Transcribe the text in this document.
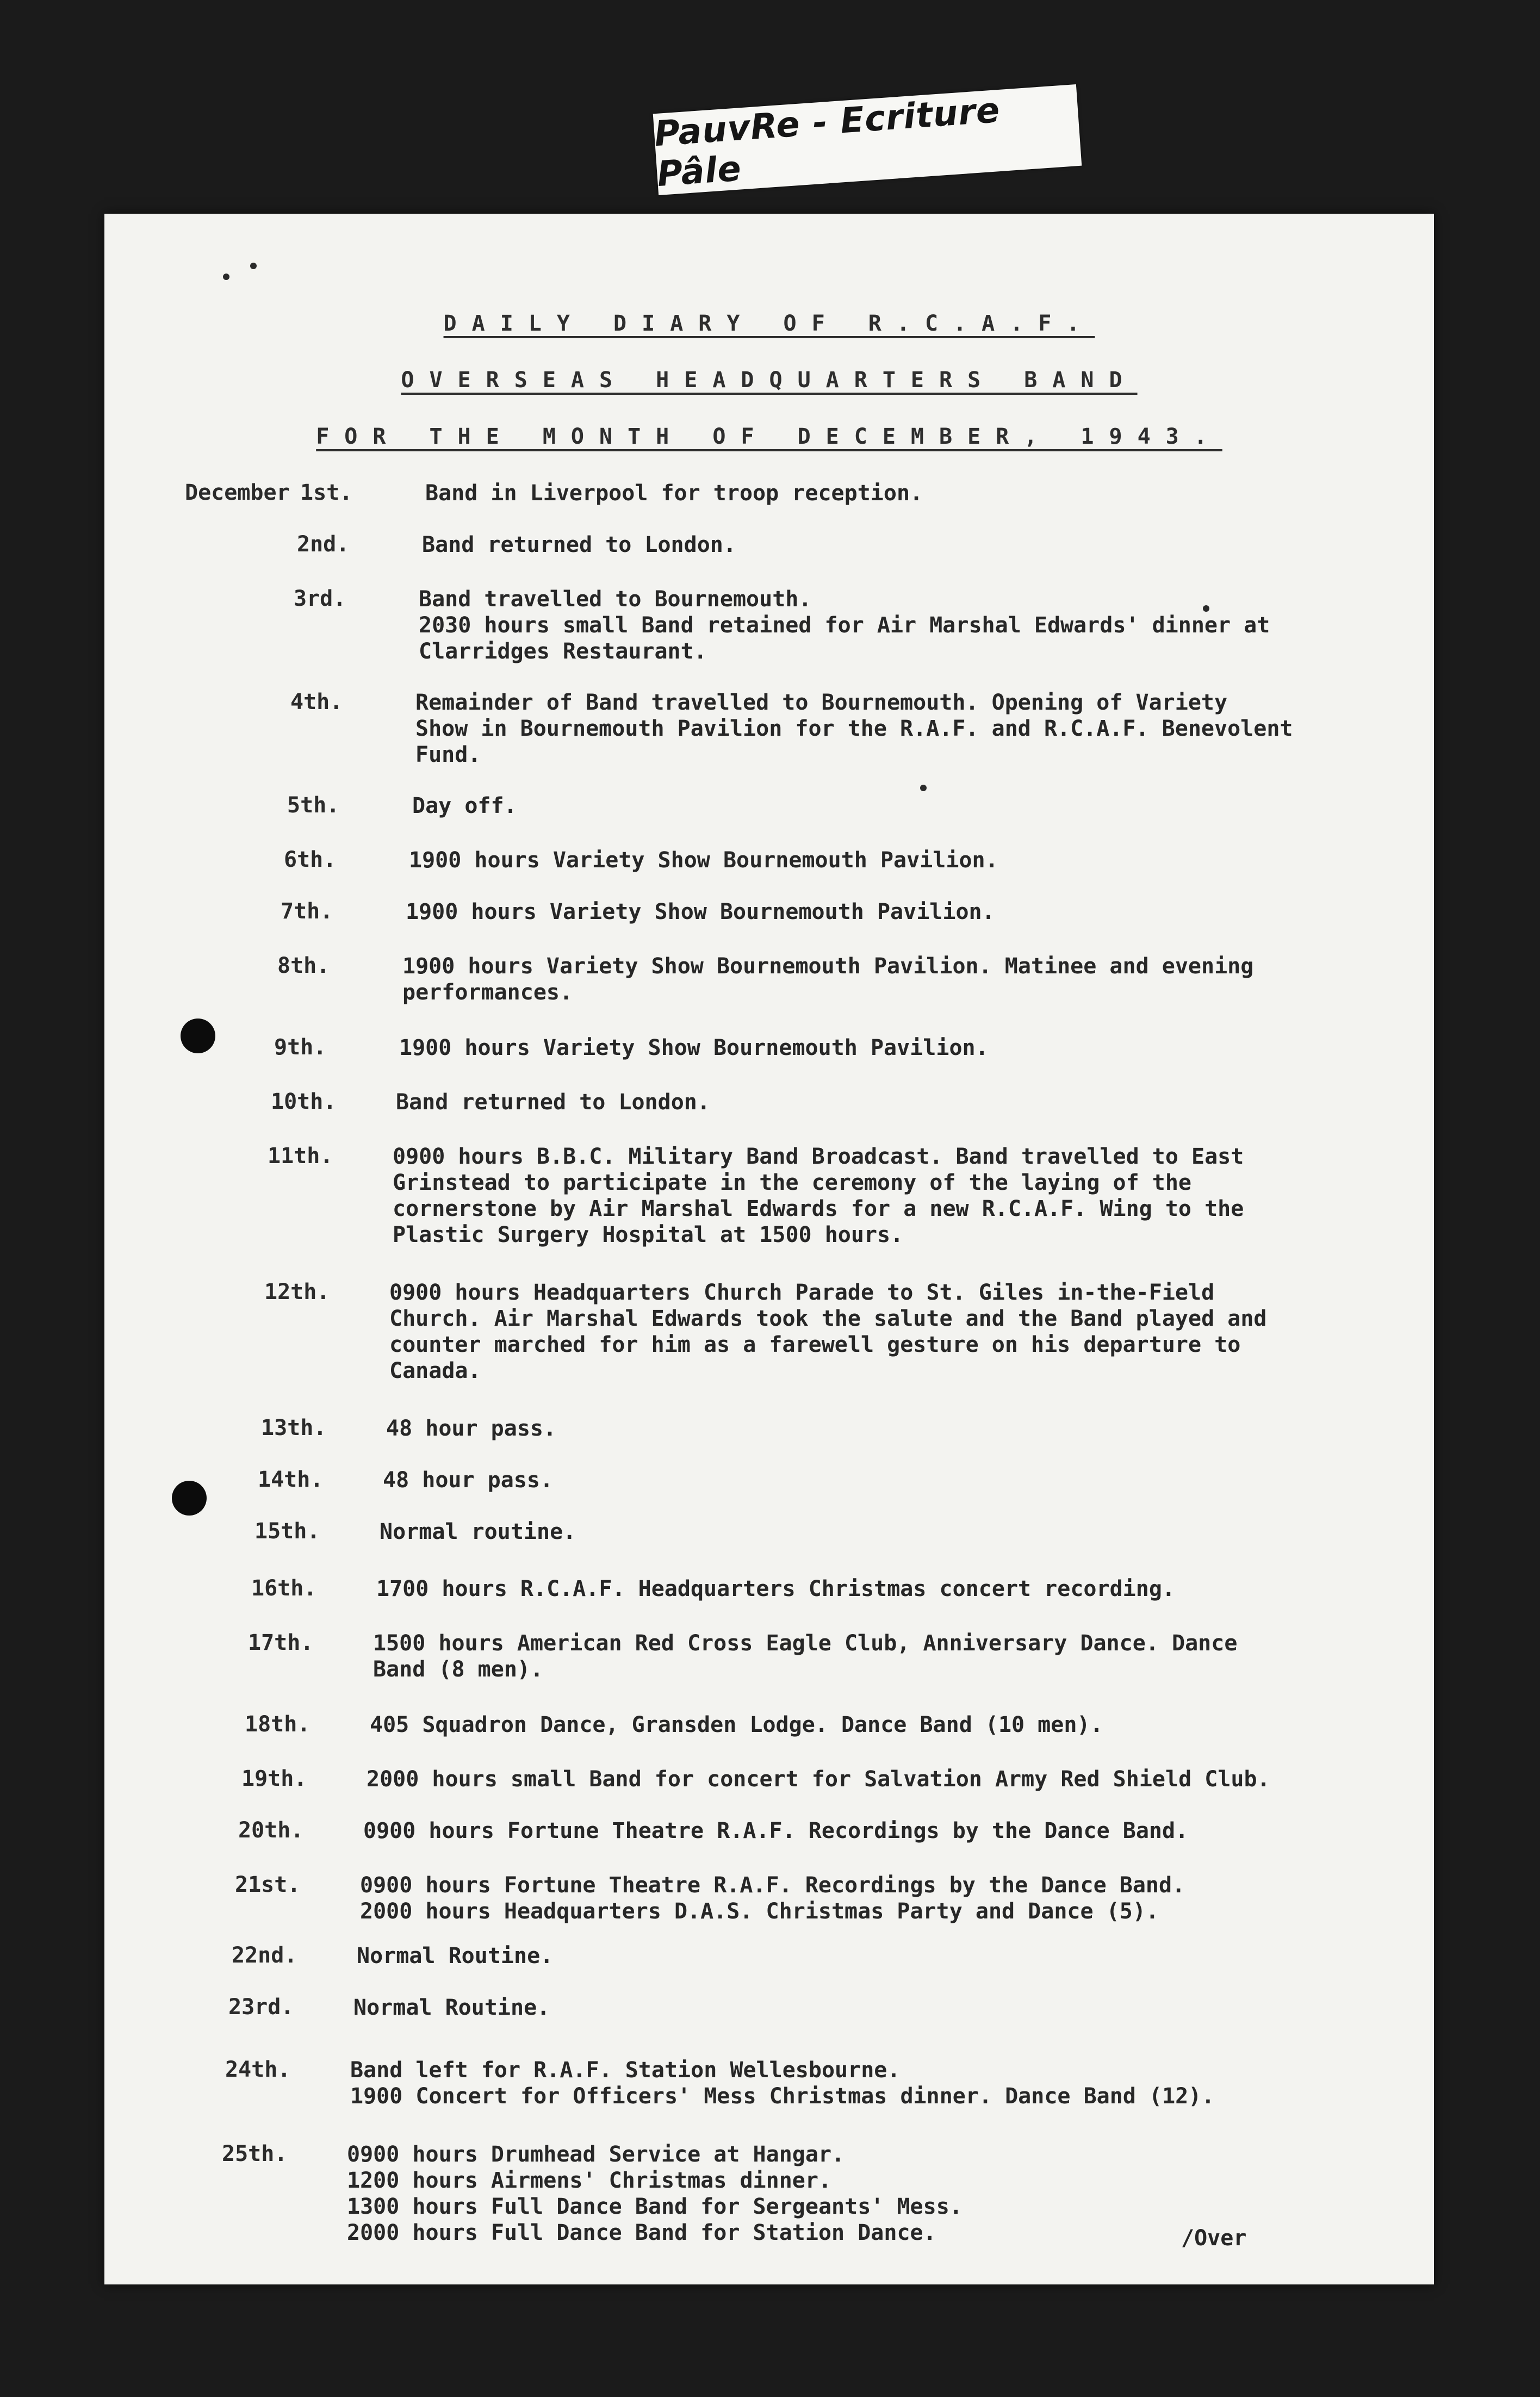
PauvRe - Ecriture Pâle
DAILY DIARY OF R.C.A.F.
OVERSEAS HEADQUARTERS BAND
FOR THE MONTH OF DECEMBER, 1943.
December 1st.	Band in Liverpool for troop reception.
2nd.	Band returned to London.
3rd.	Band travelled to Bournemouth.
2030 hours small Band retained for Air Marshal Edwards' dinner at
Clarridges Restaurant.
4th.	Remainder of Band travelled to Bournemouth. Opening of Variety
Show in Bournemouth Pavilion for the R.A.F. and R.C.A.F. Benevolent
Fund.
5th.	Day off.
6th.	1900 hours Variety Show Bournemouth Pavilion.
7th.	1900 hours Variety Show Bournemouth Pavilion.
8th.	1900 hours Variety Show Bournemouth Pavilion. Matinee and evening
performances.
9th.	1900 hours Variety Show Bournemouth Pavilion.
10th.	Band returned to London.
11th.	0900 hours B.B.C. Military Band Broadcast. Band travelled to East
Grinstead to participate in the ceremony of the laying of the
cornerstone by Air Marshal Edwards for a new R.C.A.F. Wing to the
Plastic Surgery Hospital at 1500 hours.
12th.	0900 hours Headquarters Church Parade to St. Giles in-the-Field
Church. Air Marshal Edwards took the salute and the Band played and
counter marched for him as a farewell gesture on his departure to
Canada.
13th.	48 hour pass.
14th.	48 hour pass.
15th.	Normal routine.
16th.	1700 hours R.C.A.F. Headquarters Christmas concert recording.
17th.	1500 hours American Red Cross Eagle Club, Anniversary Dance. Dance
Band (8 men).
18th.	405 Squadron Dance, Gransden Lodge. Dance Band (10 men).
19th.	2000 hours small Band for concert for Salvation Army Red Shield Club.
20th.	0900 hours Fortune Theatre R.A.F. Recordings by the Dance Band.
21st.	0900 hours Fortune Theatre R.A.F. Recordings by the Dance Band.
2000 hours Headquarters D.A.S. Christmas Party and Dance (5).
22nd.	Normal Routine.
23rd.	Normal Routine.
24th.	Band left for R.A.F. Station Wellesbourne.
1900 Concert for Officers' Mess Christmas dinner. Dance Band (12).
25th.	0900 hours Drumhead Service at Hangar.
1200 hours Airmens' Christmas dinner.
1300 hours Full Dance Band for Sergeants' Mess.
2000 hours Full Dance Band for Station Dance.	/Over
